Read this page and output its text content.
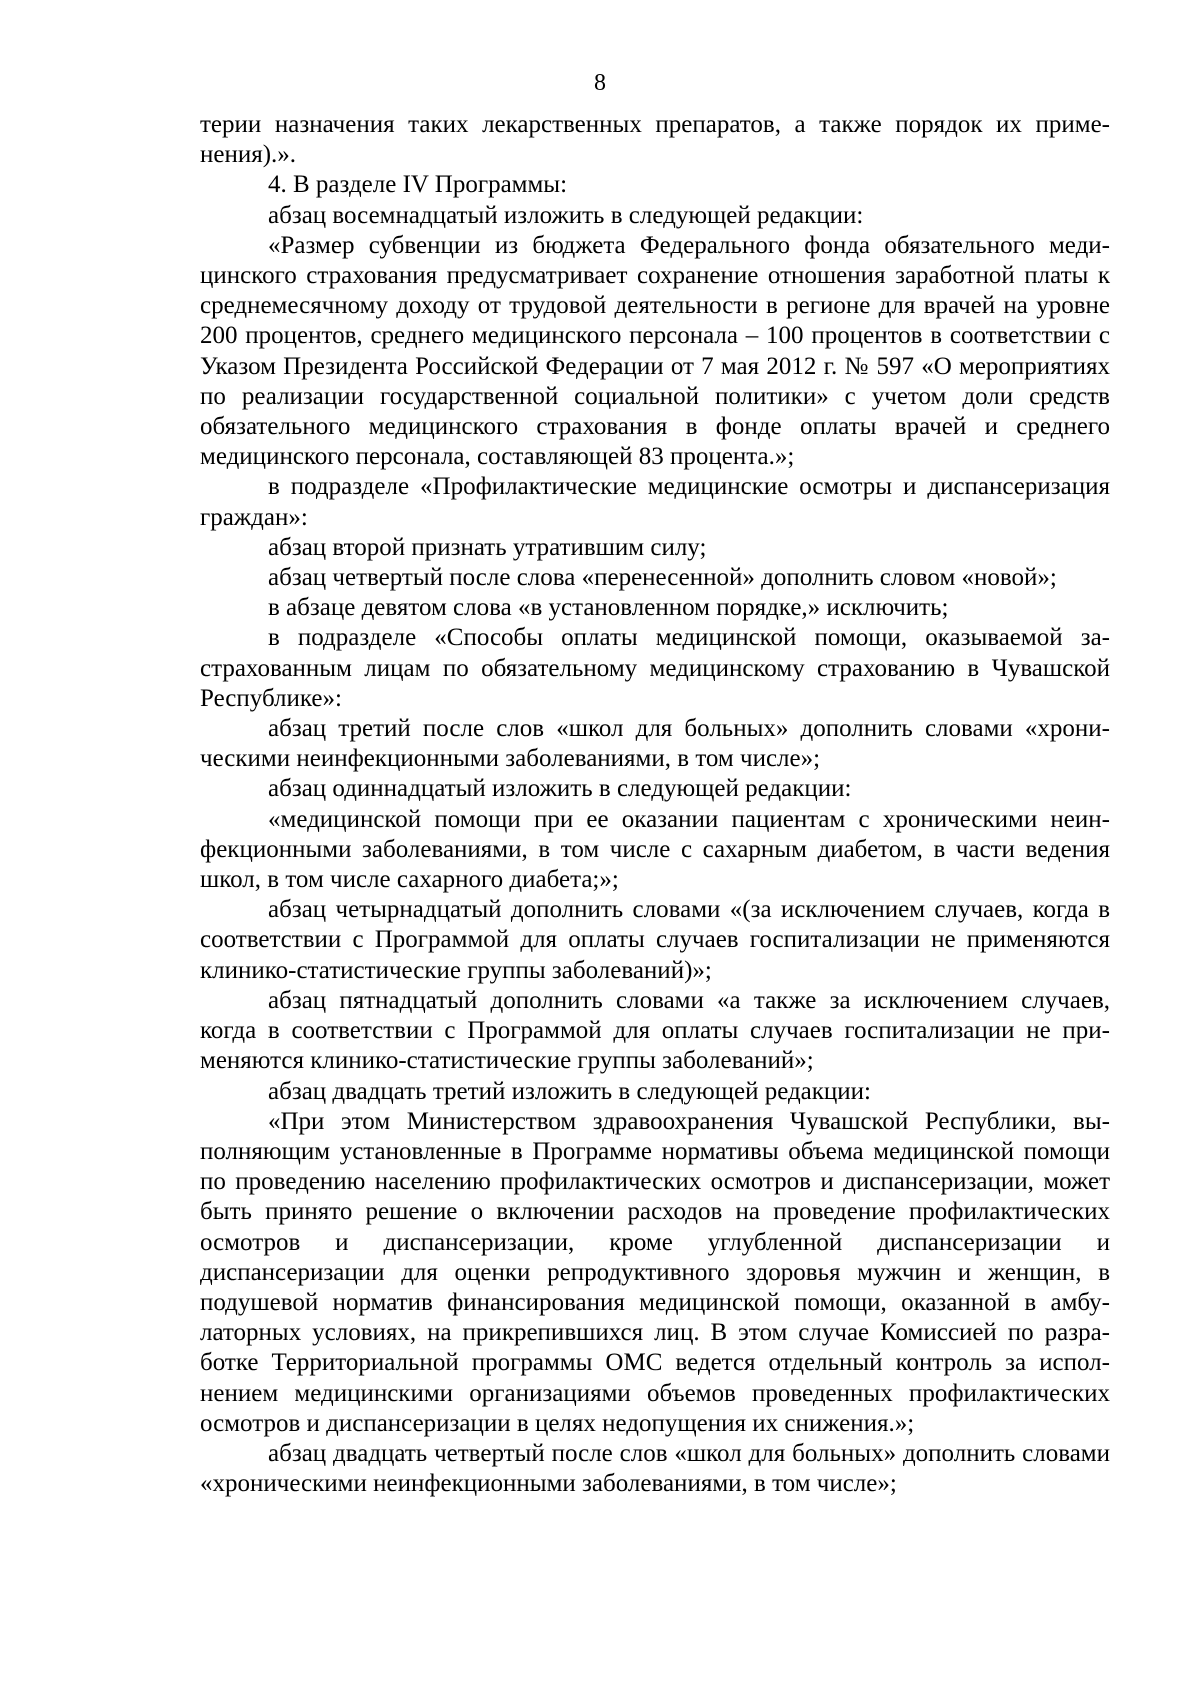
8

терии назначения таких лекарственных препаратов, а также порядок их применения).».

4. В разделе IV Программы:

абзац восемнадцатый изложить в следующей редакции:

«Размер субвенции из бюджета Федерального фонда обязательного медицинского страхования предусматривает сохранение отношения заработной платы к среднемесячному доходу от трудовой деятельности в регионе для врачей на уровне 200 процентов, среднего медицинского персонала – 100 процентов в соответствии с Указом Президента Российской Федерации от 7 мая 2012 г. № 597 «О мероприятиях по реализации государственной социальной политики» с учетом доли средств обязательного медицинского страхования в фонде оплаты врачей и среднего медицинского персонала, составляющей 83 процента.»;

в подразделе «Профилактические медицинские осмотры и диспансеризация граждан»:

абзац второй признать утратившим силу;

абзац четвертый после слова «перенесенной» дополнить словом «новой»;

в абзаце девятом слова «в установленном порядке,» исключить;

в подразделе «Способы оплаты медицинской помощи, оказываемой застрахованным лицам по обязательному медицинскому страхованию в Чувашской Республике»:

абзац третий после слов «школ для больных» дополнить словами «хроническими неинфекционными заболеваниями, в том числе»;

абзац одиннадцатый изложить в следующей редакции:

«медицинской помощи при ее оказании пациентам с хроническими неинфекционными заболеваниями, в том числе с сахарным диабетом, в части ведения школ, в том числе сахарного диабета;»;

абзац четырнадцатый дополнить словами «(за исключением случаев, когда в соответствии с Программой для оплаты случаев госпитализации не применяются клинико-статистические группы заболеваний)»;

абзац пятнадцатый дополнить словами «а также за исключением случаев, когда в соответствии с Программой для оплаты случаев госпитализации не применяются клинико-статистические группы заболеваний»;

абзац двадцать третий изложить в следующей редакции:

«При этом Министерством здравоохранения Чувашской Республики, выполняющим установленные в Программе нормативы объема медицинской помощи по проведению населению профилактических осмотров и диспансеризации, может быть принято решение о включении расходов на проведение профилактических осмотров и диспансеризации, кроме углубленной диспансеризации и диспансеризации для оценки репродуктивного здоровья мужчин и женщин, в подушевой норматив финансирования медицинской помощи, оказанной в амбулаторных условиях, на прикрепившихся лиц. В этом случае Комиссией по разработке Территориальной программы ОМС ведется отдельный контроль за исполнением медицинскими организациями объемов проведенных профилактических осмотров и диспансеризации в целях недопущения их снижения.»;

абзац двадцать четвертый после слов «школ для больных» дополнить словами «хроническими неинфекционными заболеваниями, в том числе»;
